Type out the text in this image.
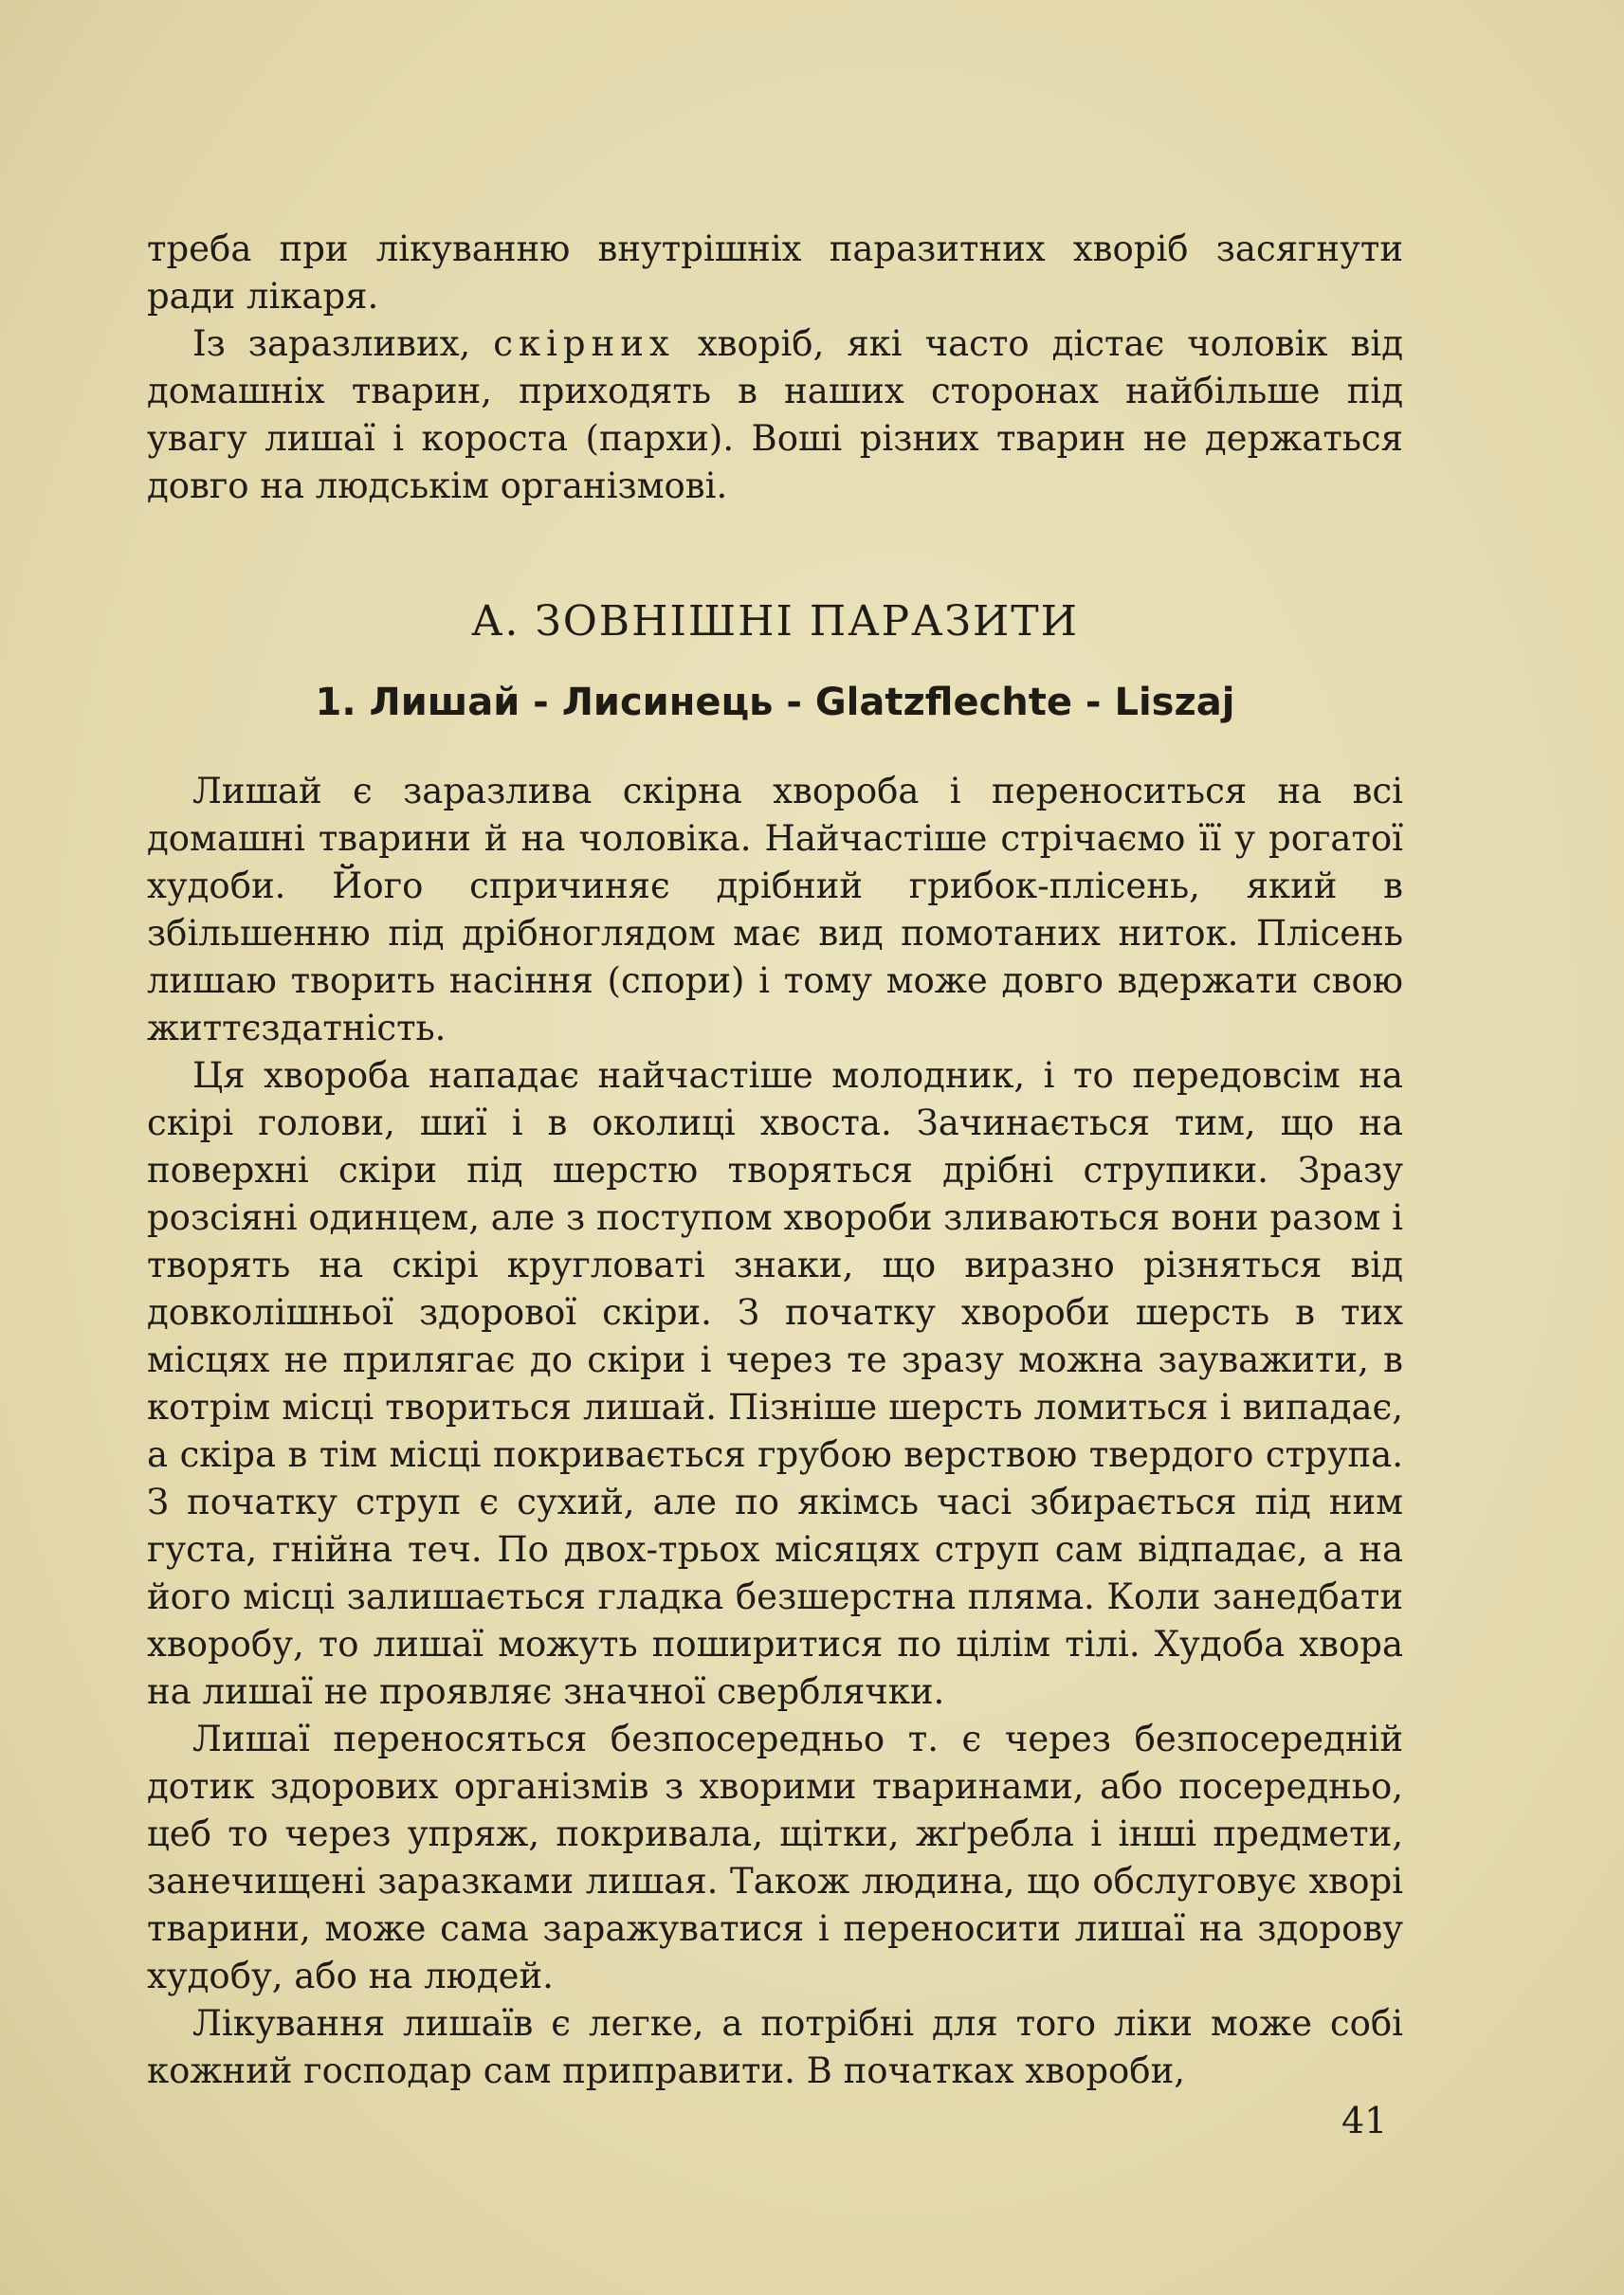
треба при лікуванню внутрішніх паразитних хворіб засягнути ради лікаря.

Із заразливих, скірних хворіб, які часто дістає чоловік від домашніх тварин, приходять в наших сторонах найбільше під увагу лишаї і короста (пархи). Воші різних тварин не держаться довго на людськім організмові.

А. ЗОВНІШНІ ПАРАЗИТИ
1. Лишай - Лисинець - Glatzflechte - Liszaj

Лишай є заразлива скірна хвороба і переноситься на всі домашні тварини й на чоловіка. Найчастіше стрічаємо її у рогатої худоби. Його спричиняє дрібний грибок-плісень, який в збільшенню під дрібноглядом має вид помотаних ниток. Плісень лишаю творить насіння (спори) і тому може довго вдержати свою життєздатність.

Ця хвороба нападає найчастіше молодник, і то передовсім на скірі голови, шиї і в околиці хвоста. Зачинається тим, що на поверхні скіри під шерстю творяться дрібні струпики. Зразу розсіяні одинцем, але з поступом хвороби зливаються вони разом і творять на скірі кругловаті знаки, що виразно різняться від довколішньої здорової скіри. З початку хвороби шерсть в тих місцях не прилягає до скіри і через те зразу можна зауважити, в котрім місці твориться лишай. Пізніше шерсть ломиться і випадає, а скіра в тім місці покривається грубою верствою твердого струпа. З початку струп є сухий, але по якімсь часі збирається під ним густа, гнійна теч. По двох-трьох місяцях струп сам відпадає, а на його місці залишається гладка безшерстна пляма. Коли занедбати хворобу, то лишаї можуть поширитися по цілім тілі. Худоба хвора на лишаї не проявляє значної сверблячки.

Лишаї переносяться безпосередньо т. є через безпосередній дотик здорових організмів з хворими тваринами, або посередньо, цеб то через упряж, покривала, щітки, жґребла і інші предмети, занечищені заразками лишая. Також людина, що обслуговує хворі тварини, може сама заражуватися і переносити лишаї на здорову худобу, або на людей.

Лікування лишаїв є легке, а потрібні для того ліки може собі кожний господар сам приправити. В початках хвороби,

41
